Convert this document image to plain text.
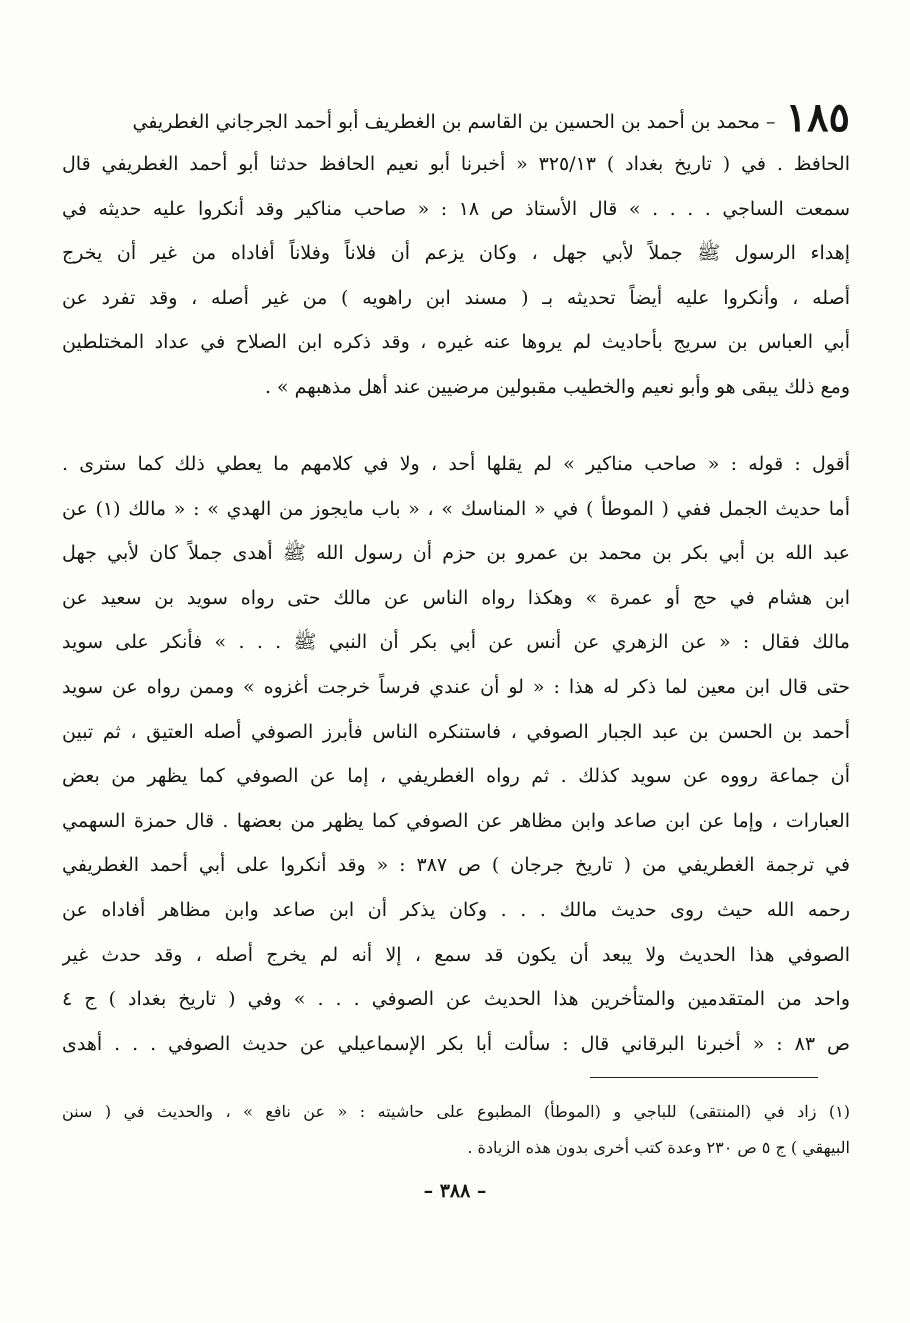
١٨٥– محمد بن أحمد بن الحسين بن القاسم بن الغطريف أبو أحمد الجرجاني الغطريفي
الحافظ . في ( تاريخ بغداد ) ٣٢٥/١٣ « أخبرنا أبو نعيم الحافظ حدثنا أبو أحمد الغطريفي قال
سمعت الساجي . . . . » قال الأستاذ ص ١٨ : « صاحب مناكير وقد أنكروا عليه حديثه في
إهداء الرسول ﷺ جملاً لأبي جهل ، وكان يزعم أن فلاناً وفلاناً أفاداه من غير أن يخرج
أصله ، وأنكروا عليه أيضاً تحديثه بـ ( مسند ابن راهويه ) من غير أصله ، وقد تفرد عن
أبي العباس بن سريج بأحاديث لم يروها عنه غيره ، وقد ذكره ابن الصلاح في عداد المختلطين
ومع ذلك يبقى هو وأبو نعيم والخطيب مقبولين مرضيين عند أهل مذهبهم » .
أقول : قوله : « صاحب مناكير » لم يقلها أحد ، ولا في كلامهم ما يعطي ذلك كما سترى .
أما حديث الجمل ففي ( الموطأ ) في « المناسك » ، « باب مايجوز من الهدي » : « مالك (١) عن
عبد الله بن أبي بكر بن محمد بن عمرو بن حزم أن رسول الله ﷺ أهدى جملاً كان لأبي جهل
ابن هشام في حج أو عمرة » وهكذا رواه الناس عن مالك حتى رواه سويد بن سعيد عن
مالك فقال : « عن الزهري عن أنس عن أبي بكر أن النبي ﷺ . . . » فأنكر على سويد
حتى قال ابن معين لما ذكر له هذا : « لو أن عندي فرساً خرجت أغزوه » وممن رواه عن سويد
أحمد بن الحسن بن عبد الجبار الصوفي ، فاستنكره الناس فأبرز الصوفي أصله العتيق ، ثم تبين
أن جماعة رووه عن سويد كذلك . ثم رواه الغطريفي ، إما عن الصوفي كما يظهر من بعض
العبارات ، وإما عن ابن صاعد وابن مظاهر عن الصوفي كما يظهر من بعضها . قال حمزة السهمي
في ترجمة الغطريفي من ( تاريخ جرجان ) ص ٣٨٧ : « وقد أنكروا على أبي أحمد الغطريفي
رحمه الله حيث روى حديث مالك . . . وكان يذكر أن ابن صاعد وابن مظاهر أفاداه عن
الصوفي هذا الحديث ولا يبعد أن يكون قد سمع ، إلا أنه لم يخرج أصله ، وقد حدث غير
واحد من المتقدمين والمتأخرين هذا الحديث عن الصوفي . . . » وفي ( تاريخ بغداد ) ج ٤
ص ٨٣ : « أخبرنا البرقاني قال : سألت أبا بكر الإسماعيلي عن حديث الصوفي . . . أهدى
(١) زاد في (المنتقى) للباجي و (الموطأ) المطبوع على حاشيته : « عن نافع » ، والحديث في ( سنن
البيهقي ) ج ٥ ص ٢٣٠ وعدة كتب أخرى بدون هذه الزيادة .
– ٣٨٨ –
